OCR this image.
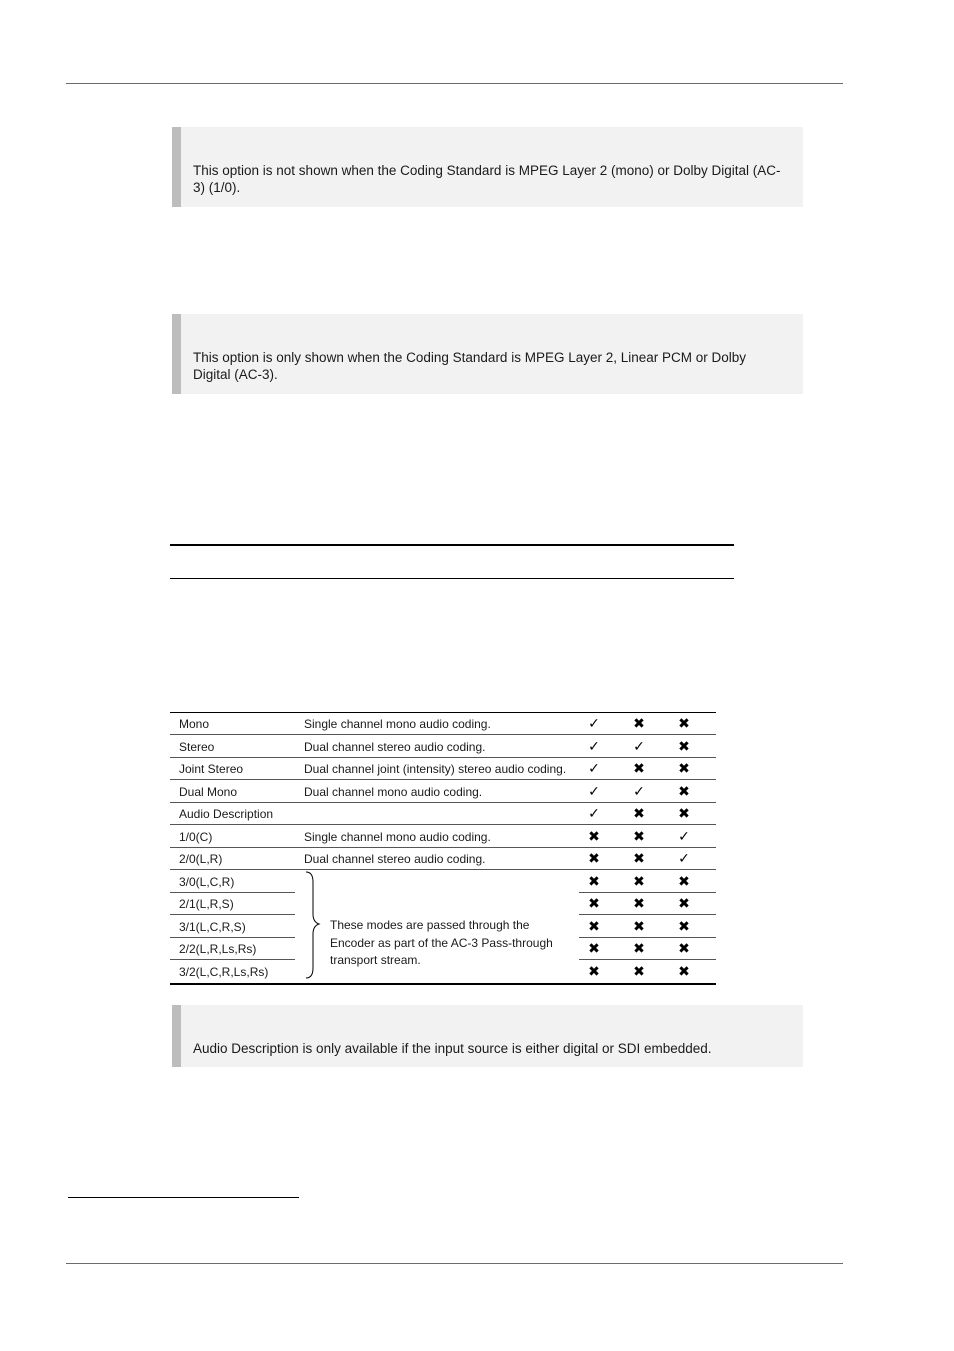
This option is not shown when the Coding Standard is MPEG Layer 2 (mono) or Dolby Digital (AC-3) (1/0).

This option is only shown when the Coding Standard is MPEG Layer 2, Linear PCM or Dolby Digital (AC-3).

Mono	Single channel mono audio coding.	✓ ✖ ✖
Stereo	Dual channel stereo audio coding.	✓ ✓ ✖
Joint Stereo	Dual channel joint (intensity) stereo audio coding. ✓ ✖ ✖
Dual Mono	Dual channel mono audio coding.	✓ ✓ ✖
Audio Description	✓ ✖ ✖
1/0(C)	Single channel mono audio coding.	✖ ✖ ✓
2/0(L,R)	Dual channel stereo audio coding.	✖ ✖ ✓
3/0(L,C,R)	✖ ✖ ✖
2/1(L,R,S)	✖ ✖ ✖
3/1(L,C,R,S)	✖ ✖ ✖
2/2(L,R,Ls,Rs)	✖ ✖ ✖
3/2(L,C,R,Ls,Rs)	✖ ✖ ✖
These modes are passed through the Encoder as part of the AC-3 Pass-through transport stream.

Audio Description is only available if the input source is either digital or SDI embedded.
